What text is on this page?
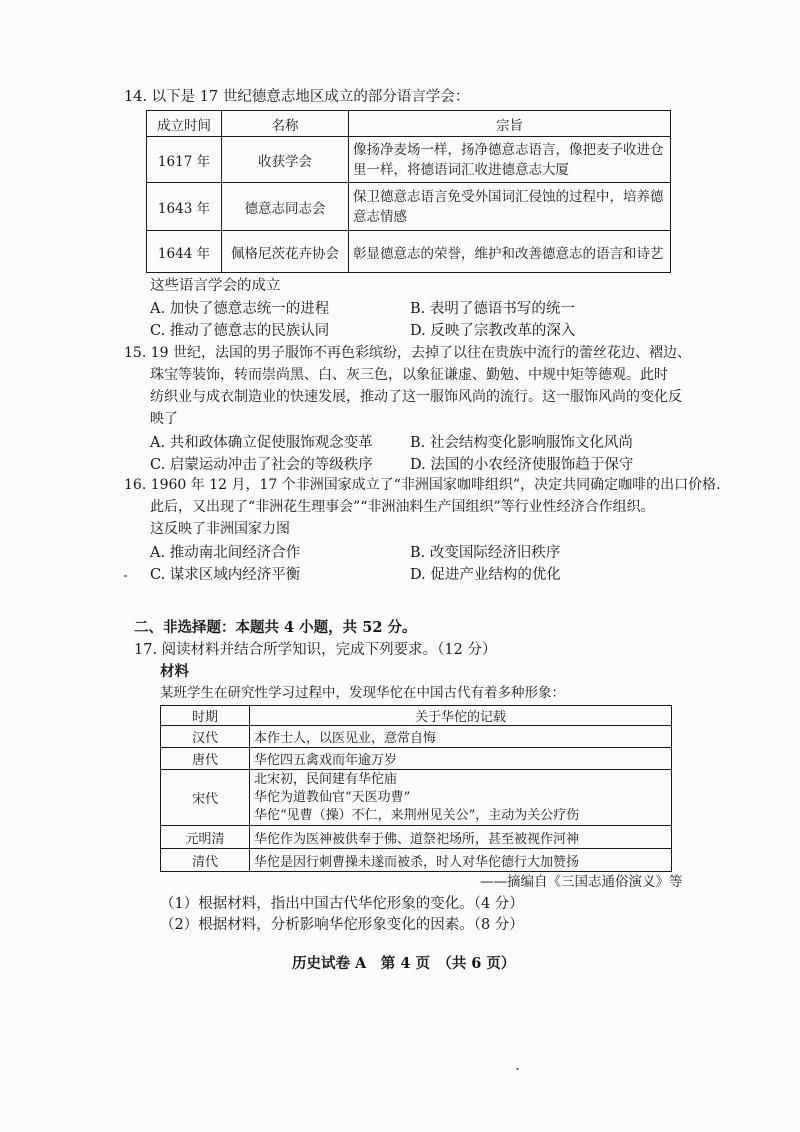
14. 以下是 17 世纪德意志地区成立的部分语言学会：
成立时间	名称	宗旨
1617 年	收获学会	像扬净麦场一样，扬净德意志语言，像把麦子收进仓
里一样，将德语词汇收进德意志大厦

1643 年	德意志同志会	保卫德意志语言免受外国词汇侵蚀的过程中，培养德
意志情感

1644 年	佩格尼茨花卉协会	彰显德意志的荣誉，维护和改善德意志的语言和诗艺
这些语言学会的成立
A. 加快了德意志统一的进程	B. 表明了德语书写的统一
C. 推动了德意志的民族认同	D. 反映了宗教改革的深入
15. 19 世纪，法国的男子服饰不再色彩缤纷，去掉了以往在贵族中流行的蕾丝花边、褶边、
珠宝等装饰，转而崇尚黑、白、灰三色，以象征谦虚、勤勉、中规中矩等德观。此时
纺织业与成衣制造业的快速发展，推动了这一服饰风尚的流行。这一服饰风尚的变化反
映了
A. 共和政体确立促使服饰观念变革	B. 社会结构变化影响服饰文化风尚
C. 启蒙运动冲击了社会的等级秩序	D. 法国的小农经济使服饰趋于保守
16. 1960 年 12 月，17 个非洲国家成立了“非洲国家咖啡组织”，决定共同确定咖啡的出口价格.
此后，又出现了“非洲花生理事会”“非洲油料生产国组织”等行业性经济合作组织。
这反映了非洲国家力图
A. 推动南北间经济合作	B. 改变国际经济旧秩序
C. 谋求区域内经济平衡	D. 促进产业结构的优化
二、非选择题：本题共 4 小题，共 52 分。
17. 阅读材料并结合所学知识，完成下列要求。（12 分）
材料
某班学生在研究性学习过程中，发现华佗在中国古代有着多种形象：
时期	关于华佗的记载
汉代	本作士人，以医见业，意常自悔
唐代	华佗四五禽戏而年逾万岁
宋代	北宋初，民间建有华佗庙
华佗为道教仙官“天医功曹”
华佗“见曹（操）不仁，来荆州见关公”，主动为关公疗伤

元明清	华佗作为医神被供奉于佛、道祭祀场所，甚至被视作河神
清代	华佗是因行刺曹操未遂而被杀，时人对华佗德行大加赞扬
——摘编自《三国志通俗演义》等
（1）根据材料，指出中国古代华佗形象的变化。（4 分）
（2）根据材料，分析影响华佗形象变化的因素。（8 分）
历史试卷 A　第 4 页　（共 6 页）
